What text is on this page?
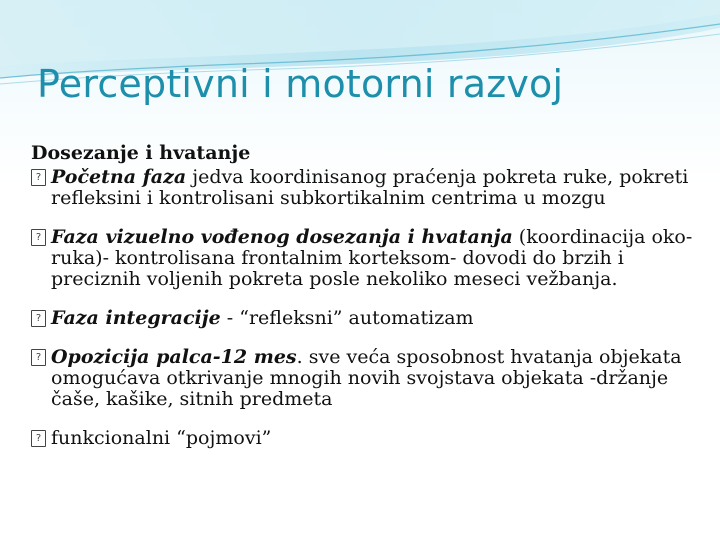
Perceptivni i motorni razvoj

Dosezanje i hvatanje

? Početna faza jedva koordinisanog praćenja pokreta ruke, pokreti refleksini i kontrolisani subkortikalnim centrima u mozgu

? Faza vizuelno vođenog dosezanja i hvatanja (koordinacija oko-ruka)- kontrolisana frontalnim korteksom- dovodi do brzih i preciznih voljenih pokreta posle nekoliko meseci vežbanja.

? Faza integracije - “refleksni” automatizam

? Opozicija palca-12 mes. sve veća sposobnost hvatanja objekata omogućava otkrivanje mnogih novih svojstava objekata -držanje čaše, kašike, sitnih predmeta

? funkcionalni “pojmovi”
